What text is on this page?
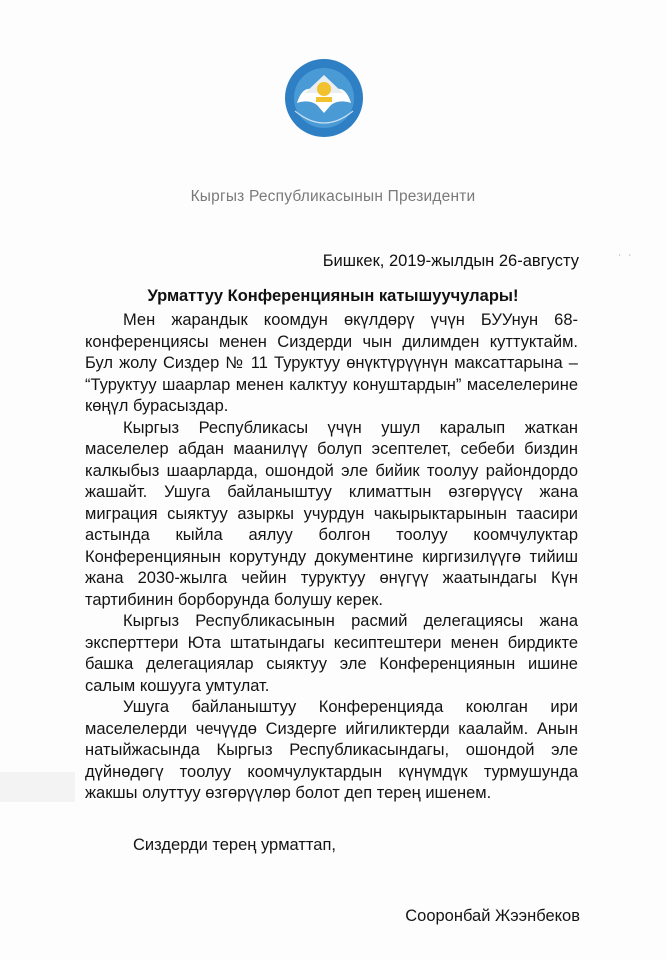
Кыргыз Республикасынын Президенти
Бишкек, 2019-жылдын 26-августу	˙ ˙
Урматтуу Конференциянын катышуучулары!

Мен жарандык коомдун өкүлдөрү үчүн БУУнун 68-конференциясы менен Сиздерди чын дилимден куттуктайм. Бул жолу Сиздер № 11 Туруктуу өнүктүрүүнүн максаттарына – “Туруктуу шаарлар менен калктуу конуштардын” маселелерине көңүл бурасыздар.

Кыргыз Республикасы үчүн ушул каралып жаткан маселелер абдан маанилүү болуп эсептелет, себеби биздин калкыбыз шаарларда, ошондой эле бийик тоолуу райондордо жашайт. Ушуга байланыштуу климаттын өзгөрүүсү жана миграция сыяктуу азыркы учурдун чакырыктарынын таасири астында кыйла аялуу болгон тоолуу коомчулуктар Конференциянын корутунду документине киргизилүүгө тийиш жана 2030-жылга чейин туруктуу өнүгүү жаатындагы Күн тартибинин борборунда болушу керек.

Кыргыз Республикасынын расмий делегациясы жана эксперттери Юта штатындагы кесиптештери менен бирдикте башка делегациялар сыяктуу эле Конференциянын ишине салым кошууга умтулат.

Ушуга байланыштуу Конференцияда коюлган ири маселелерди чечүүдө Сиздерге ийгиликтерди каалайм. Анын натыйжасында Кыргыз Республикасындагы, ошондой эле дүйнөдөгү тоолуу коомчулуктардын күнүмдүк турмушунда жакшы олуттуу өзгөрүүлөр болот деп терең ишенем.

Сиздерди терең урматтап,
Сооронбай Жээнбеков
